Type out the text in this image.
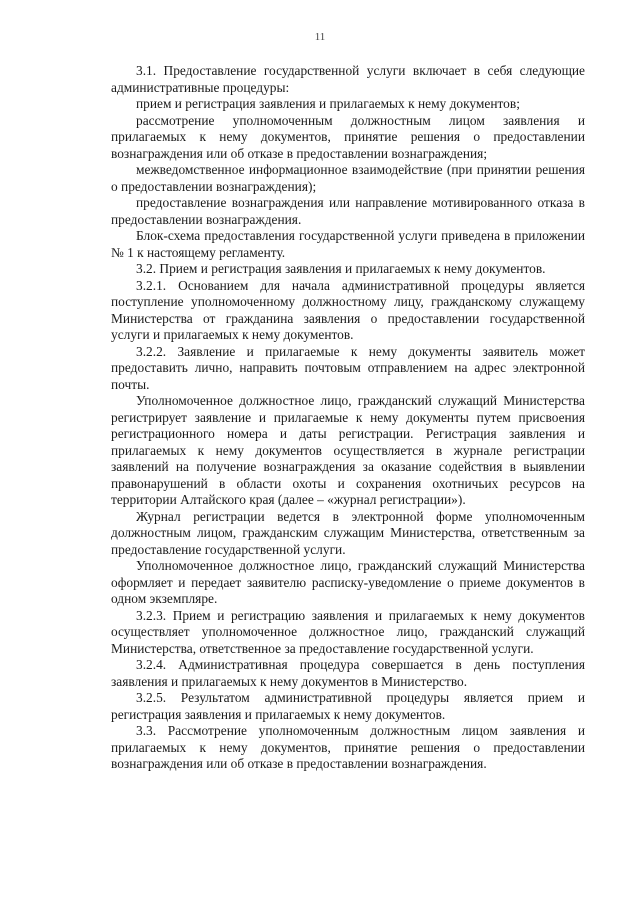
11

3.1. Предоставление государственной услуги включает в себя следующие административные процедуры:

прием и регистрация заявления и прилагаемых к нему документов;

рассмотрение уполномоченным должностным лицом заявления и прилагаемых к нему документов, принятие решения о предоставлении вознаграждения или об отказе в предоставлении вознаграждения;

межведомственное информационное взаимодействие (при принятии решения о предоставлении вознаграждения);

предоставление вознаграждения или направление мотивированного отказа в предоставлении вознаграждения.

Блок-схема предоставления государственной услуги приведена в приложении № 1 к настоящему регламенту.

3.2. Прием и регистрация заявления и прилагаемых к нему документов.

3.2.1. Основанием для начала административной процедуры является поступление уполномоченному должностному лицу, гражданскому служащему Министерства от гражданина заявления о предоставлении государственной услуги и прилагаемых к нему документов.

3.2.2. Заявление и прилагаемые к нему документы заявитель может предоставить лично, направить почтовым отправлением на адрес электронной почты.

Уполномоченное должностное лицо, гражданский служащий Министерства регистрирует заявление и прилагаемые к нему документы путем присвоения регистрационного номера и даты регистрации. Регистрация заявления и прилагаемых к нему документов осуществляется в журнале регистрации заявлений на получение вознаграждения за оказание содействия в выявлении правонарушений в области охоты и сохранения охотничьих ресурсов на территории Алтайского края (далее – «журнал регистрации»).

Журнал регистрации ведется в электронной форме уполномоченным должностным лицом, гражданским служащим Министерства, ответственным за предоставление государственной услуги.

Уполномоченное должностное лицо, гражданский служащий Министерства оформляет и передает заявителю расписку-уведомление о приеме документов в одном экземпляре.

3.2.3. Прием и регистрацию заявления и прилагаемых к нему документов осуществляет уполномоченное должностное лицо, гражданский служащий Министерства, ответственное за предоставление государственной услуги.

3.2.4. Административная процедура совершается в день поступления заявления и прилагаемых к нему документов в Министерство.

3.2.5. Результатом административной процедуры является прием и регистрация заявления и прилагаемых к нему документов.

3.3. Рассмотрение уполномоченным должностным лицом заявления и прилагаемых к нему документов, принятие решения о предоставлении вознаграждения или об отказе в предоставлении вознаграждения.
